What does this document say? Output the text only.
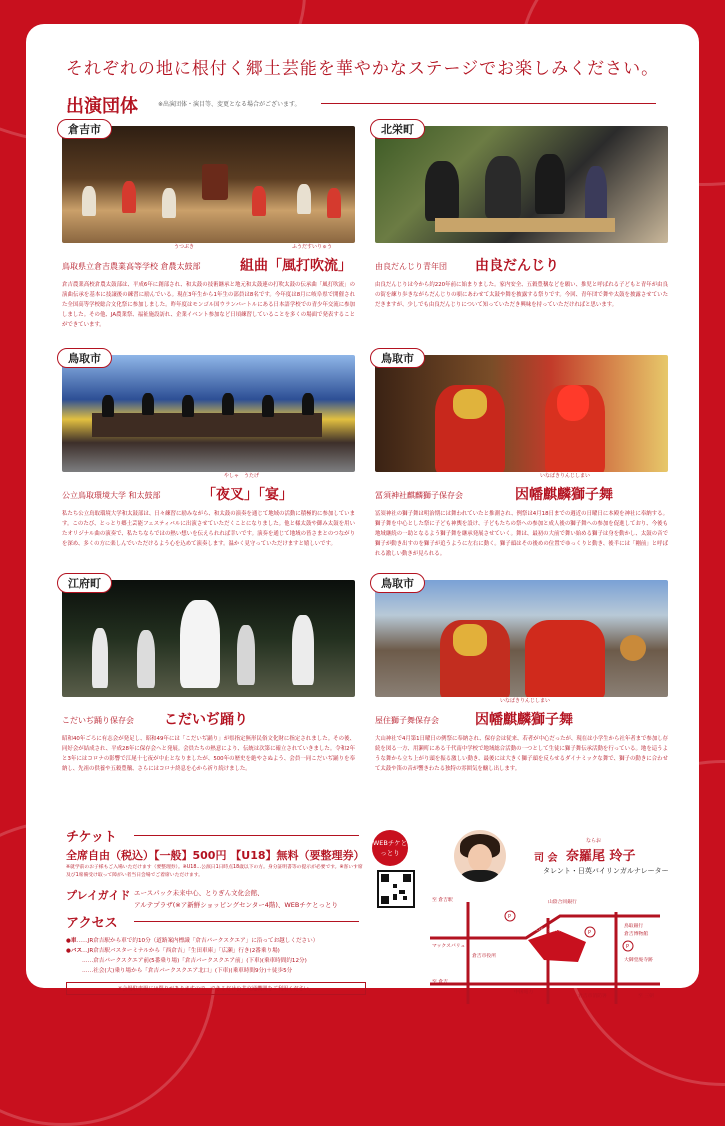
それぞれの地に根付く郷土芸能を華やかなステージでお楽しみください。
出演団体	※出演団体・演目等、変更となる場合がございます。
倉吉市
鳥取県立倉吉農業高等学校 倉農太鼓部
うつぶき
組曲「風打吹流」
ふうだすいりゅう
倉吉農業高校倉農太鼓部は、平成6年に創部され、和太鼓の技術継承と地元和太鼓連の打吹太鼓の伝承曲「風打吹流」の演曲伝承を基本に技譲後の練習に励んでいる。現在3年生から1年生の部員は8名です。今年度は8月に岐阜県で開催された全国高等学校総合文化祭に参加しました。昨年度はモンゴル国ウランバートルにある日本語学校での青少年交流に参加しました。その他、JA農業祭、福祉施設訪れ、企業イベント参加など日頃練習していることを多くの場面で発表することができています。
北栄町
由良だんじり青年団 由良だんじり
由良だんじりは今から約220年前に始まりました。家内安全、五穀豊穣などを願い、推児と呼ばれる子どもと青年が由良の街を練り歩きながらだんじりの唄にあわせて太鼓や舞を披露する祭りです。今回、青年団で舞や太鼓を披露させていただきますが、少しでも由良だんじりについて知っていただき興味を持っていただければと思います。
鳥取市
公立鳥取環境大学 和太鼓部	「夜叉」「宴」
やしゃ　うたげ
私たち公立鳥取環境大学和太鼓部は、日々練習に励みながら、和太鼓の演奏を通じて地域の活動に積極的に参加しています。このたび、とっとり郷土芸能フェスティバルに出演させていただくことになりました。他と様太鼓や御み太鼓を用いたオリジナル曲の演奏で、私たちならではの熱い想いを伝えられれば幸いです。演奏を通じて地域の皆さまとのつながりを深め、多くの方に楽しんでいただけるよう心を込めて演奏します。温かく見守っていただけますと嬉しいです。
鳥取市
冨須神社麒麟獅子保存会	因幡麒麟獅子舞
いなばきりんじしまい
冨須神社の獅子舞は明治期には舞われていたと推測され、例祭は4月18日までの週近の日曜日に本殿を神社に奉納する。獅子舞を中心とした祭に子ども神輿を設け、子どもたちの祭への参加と成人後の獅子舞への参加を促進しており、今後も地域継続の一助となるよう獅子舞を継承発展させていく。舞は、最初の大前で舞い始める獅子は身を動かし、太鼓の音で獅子が動き出すのを獅子が追うように左右に動く。獅子頭はその後めの位置でゆっくりと動き、後半には「剛前」と呼ばれる激しい動きが見られる。
江府町
こだいぢ踊り保存会 こだいぢ踊り
昭和40年ごろに有志会が発足し、昭和49年には「こだいぢ踊り」が県指定無形民俗文化財に指定されました。その後、同好会が結成され、平成28年に保存会へと発展。会員たちの熱意により、伝統は次第に確立されていきました。令和2年と3年にはコロナの影響で江尾十七夜が中止となりましたが、500年の歴史を絶やさぬよう、会員一同こだいぢ踊りを奉納し、先祖の供養や五穀豊穣、さらにはコロナ終息を心から祈り続けました。
鳥取市
屋住獅子舞保存会	因幡麒麟獅子舞
いなばきりんじしまい
大山神社で4月第1日曜日の例祭に奉納され、保存会は従来、若者が中心だったが、現在は小学生から社年者まで参加し存続を図る一方、用瀬町にある千代南中学校で地域総合活動の一つとして生徒に獅子舞伝承活動を行っている。地を這うような舞から立ち上がり頭を振る激しい動き、最後には大きく獅子頭を反らせるダイナミックな舞で、獅子の動きに合わせて太鼓や笛の音が響きわたる独特の雰囲気を醸し出します。
チケット
全席自由（税込）【一般】500円 【U18】無料（要整理券）
※就学前のお子様もご入場いただけます（要整理券）。※U18…公演日1日時点18歳以下の方。身分証明書等の提示が必要です。※客いす席及び1席備受け取って障がい者当日会場でご着席いただけます。
プレイガイド エースパック未来中心、とりぎん文化会館、
アルテプラザ(※ア新鮮ショッピングセンター4階)、WEBチケとっとり
WEBチケとっとり	司 会
ならお
奈羅尾 玲子
タレント・日英バイリンガルナレーター
アクセス
●車……JR倉吉駅から車で約10分（道路案内標識「倉吉パークスクエア」に沿ってお越しください）
●バス…JR倉吉駅バスターミナルから「西倉吉」「生田車庫」「広瀬」行き(2番乗り場)
……倉吉パークスクエア前(5番乗り場)「倉吉パークスクエア前」(下車)(乗車時間約12分)
……社会(大)乗り場から「倉吉パークスクエア北口」(下車)(乗車時間9分)＋徒歩5分
※会場駐車場には限りがありますので、できるだけ公共交通機関をご利用ください。
P
P
P
至 倉吉駅	山陰合同銀行
鳥取銀行
倉吉博物館
エースパック未来中心
大御堂廃寺跡
至 三朝
至 倉吉
マックスバリュ
倉吉市役所
中国電力
倉吉市消防署
